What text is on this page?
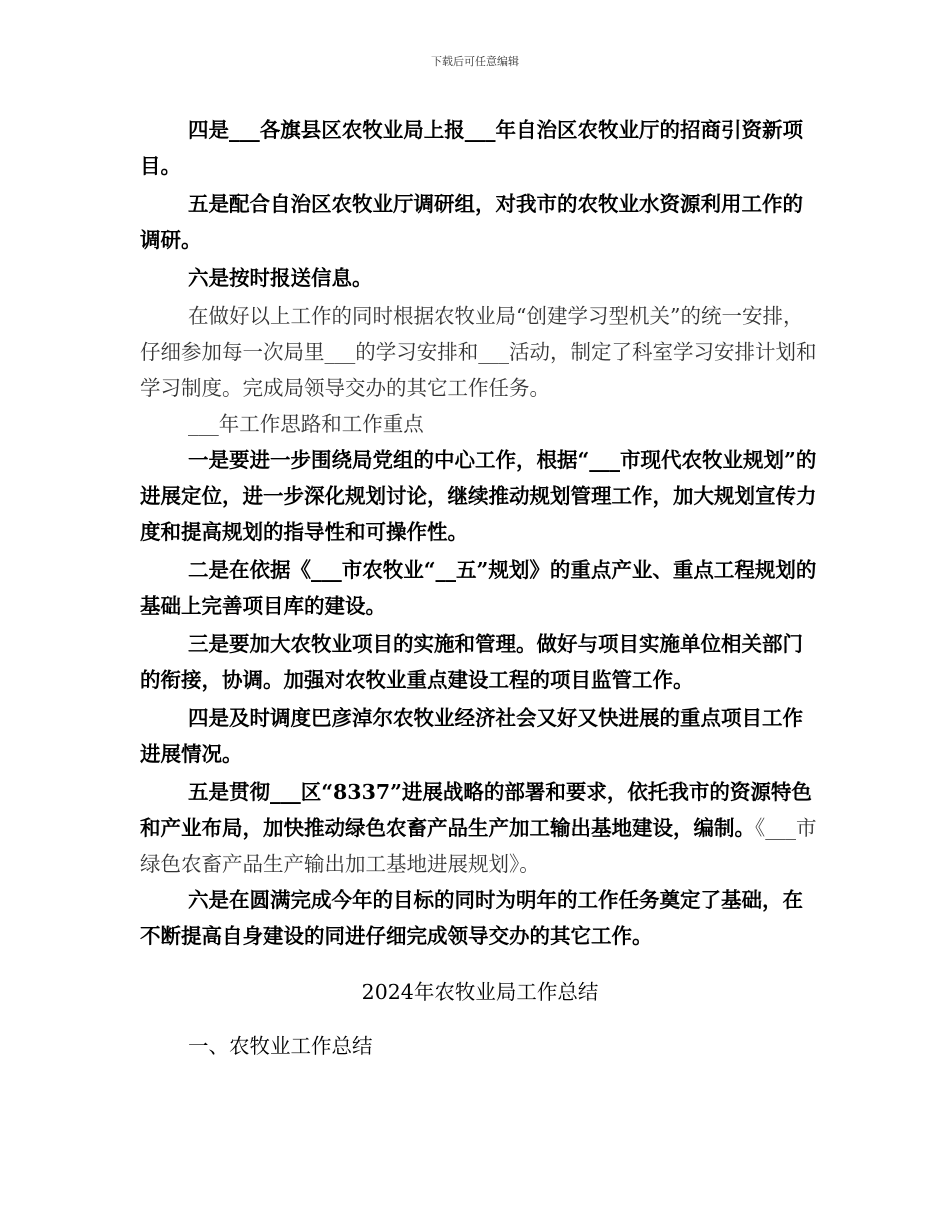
下载后可任意编辑

四是___各旗县区农牧业局上报___年自治区农牧业厅的招商引资新项目。

五是配合自治区农牧业厅调研组，对我市的农牧业水资源利用工作的调研。

六是按时报送信息。

在做好以上工作的同时根据农牧业局“创建学习型机关”的统一安排，仔细参加每一次局里___的学习安排和___活动，制定了科室学习安排计划和学习制度。完成局领导交办的其它工作任务。

___年工作思路和工作重点

一是要进一步围绕局党组的中心工作，根据“___市现代农牧业规划”的进展定位，进一步深化规划讨论，继续推动规划管理工作，加大规划宣传力度和提高规划的指导性和可操作性。

二是在依据《___市农牧业“__五”规划》的重点产业、重点工程规划的基础上完善项目库的建设。

三是要加大农牧业项目的实施和管理。做好与项目实施单位相关部门的衔接，协调。加强对农牧业重点建设工程的项目监管工作。

四是及时调度巴彦淖尔农牧业经济社会又好又快进展的重点项目工作进展情况。

五是贯彻___区“8337”进展战略的部署和要求，依托我市的资源特色和产业布局，加快推动绿色农畜产品生产加工输出基地建设，编制。《___市绿色农畜产品生产输出加工基地进展规划》。

六是在圆满完成今年的目标的同时为明年的工作任务奠定了基础，在不断提高自身建设的同进仔细完成领导交办的其它工作。

2024年农牧业局工作总结

一、农牧业工作总结
